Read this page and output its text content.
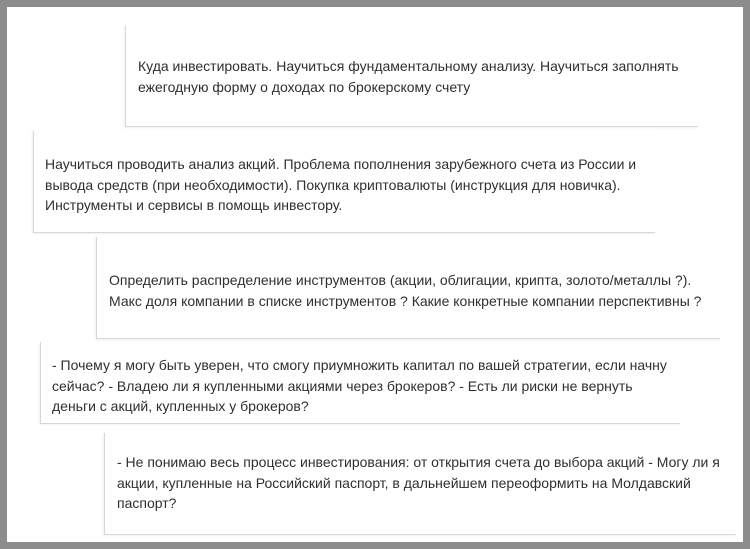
Куда инвестировать. Научиться фундаментальному анализу. Научиться заполнять ежегодную форму о доходах по брокерскому счету

Научиться проводить анализ акций. Проблема пополнения зарубежного счета из России и вывода средств (при необходимости). Покупка криптовалюты (инструкция для новичка). Инструменты и сервисы в помощь инвестору.

Определить распределение инструментов (акции, облигации, крипта, золото/металлы ?). Макс доля компании в списке инструментов ? Какие конкретные компании перспективны ?

- Почему я могу быть уверен, что смогу приумножить капитал по вашей стратегии, если начну сейчас? - Владею ли я купленными акциями через брокеров? - Есть ли риски не вернуть деньги с акций, купленных у брокеров?

- Не понимаю весь процесс инвестирования: от открытия счета до выбора акций - Могу ли я акции, купленные на Российский паспорт, в дальнейшем переоформить на Молдавский паспорт?
